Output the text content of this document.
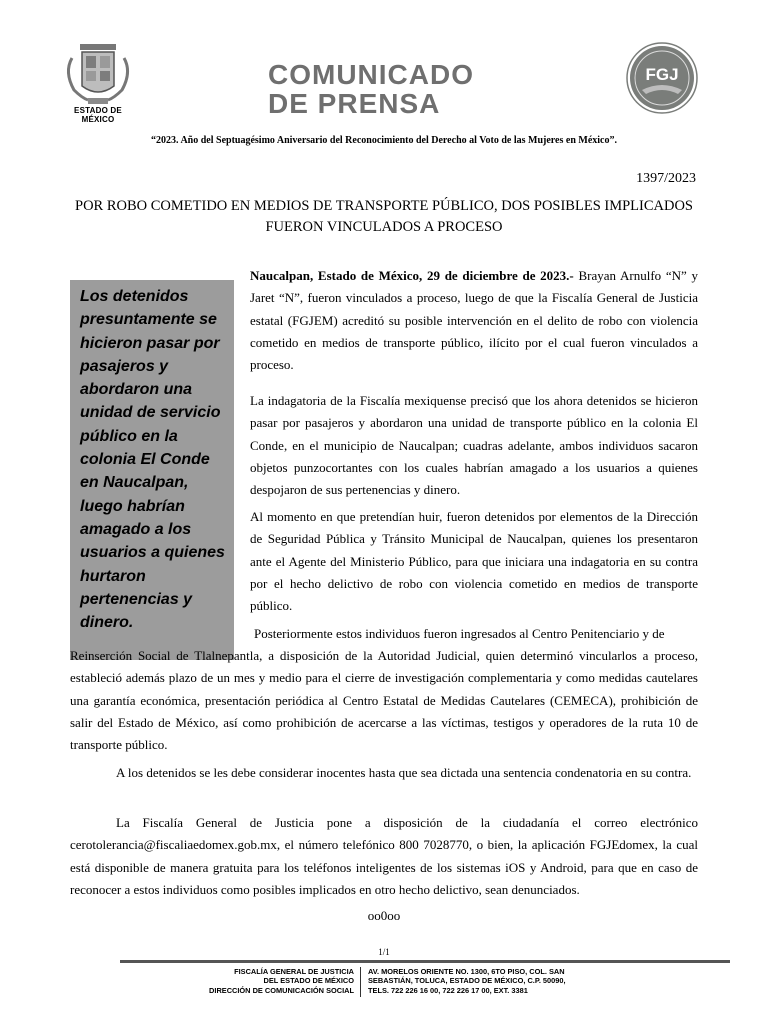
ESTADO DE MÉXICO
COMUNICADO
DE PRENSA
FGJ
“2023. Año del Septuagésimo Aniversario del Reconocimiento del Derecho al Voto de las Mujeres en México”.
1397/2023
POR ROBO COMETIDO EN MEDIOS DE TRANSPORTE PÚBLICO, DOS POSIBLES IMPLICADOS
FUERON VINCULADOS A PROCESO
Los detenidos presuntamente se hicieron pasar por pasajeros y abordaron una unidad de servicio público en la colonia El Conde en Naucalpan, luego habrían amagado a los usuarios a quienes hurtaron pertenencias y dinero.
Naucalpan, Estado de México, 29 de diciembre de 2023.- Brayan Arnulfo “N” y Jaret “N”, fueron vinculados a proceso, luego de que la Fiscalía General de Justicia estatal (FGJEM) acreditó su posible intervención en el delito de robo con violencia cometido en medios de transporte público, ilícito por el cual fueron vinculados a proceso.
La indagatoria de la Fiscalía mexiquense precisó que los ahora detenidos se hicieron pasar por pasajeros y abordaron una unidad de transporte público en la colonia El Conde, en el municipio de Naucalpan; cuadras adelante, ambos individuos sacaron objetos punzocortantes con los cuales habrían amagado a los usuarios a quienes despojaron de sus pertenencias y dinero.
Al momento en que pretendían huir, fueron detenidos por elementos de la Dirección de Seguridad Pública y Tránsito Municipal de Naucalpan, quienes los presentaron ante el Agente del Ministerio Público, para que iniciara una indagatoria en su contra por el hecho delictivo de robo con violencia cometido en medios de transporte público.
Posteriormente estos individuos fueron ingresados al Centro Penitenciario y de
Reinserción Social de Tlalnepantla, a disposición de la Autoridad Judicial, quien determinó vincularlos a proceso, estableció además plazo de un mes y medio para el cierre de investigación complementaria y como medidas cautelares una garantía económica, presentación periódica al Centro Estatal de Medidas Cautelares (CEMECA), prohibición de salir del Estado de México, así como prohibición de acercarse a las víctimas, testigos y operadores de la ruta 10 de transporte público.
A los detenidos se les debe considerar inocentes hasta que sea dictada una sentencia condenatoria en su contra.
La Fiscalía General de Justicia pone a disposición de la ciudadanía el correo electrónico cerotolerancia@fiscaliaedomex.gob.mx, el número telefónico 800 7028770, o bien, la aplicación FGJEdomex, la cual está disponible de manera gratuita para los teléfonos inteligentes de los sistemas iOS y Android, para que en caso de reconocer a estos individuos como posibles implicados en otro hecho delictivo, sean denunciados.
oo0oo
1/1
FISCALÍA GENERAL DE JUSTICIA
DEL ESTADO DE MÉXICO
DIRECCIÓN DE COMUNICACIÓN SOCIAL
AV. MORELOS ORIENTE NO. 1300, 6TO PISO, COL. SAN
SEBASTIÁN, TOLUCA, ESTADO DE MÉXICO, C.P. 50090,
TELS. 722 226 16 00, 722 226 17 00, EXT. 3381
